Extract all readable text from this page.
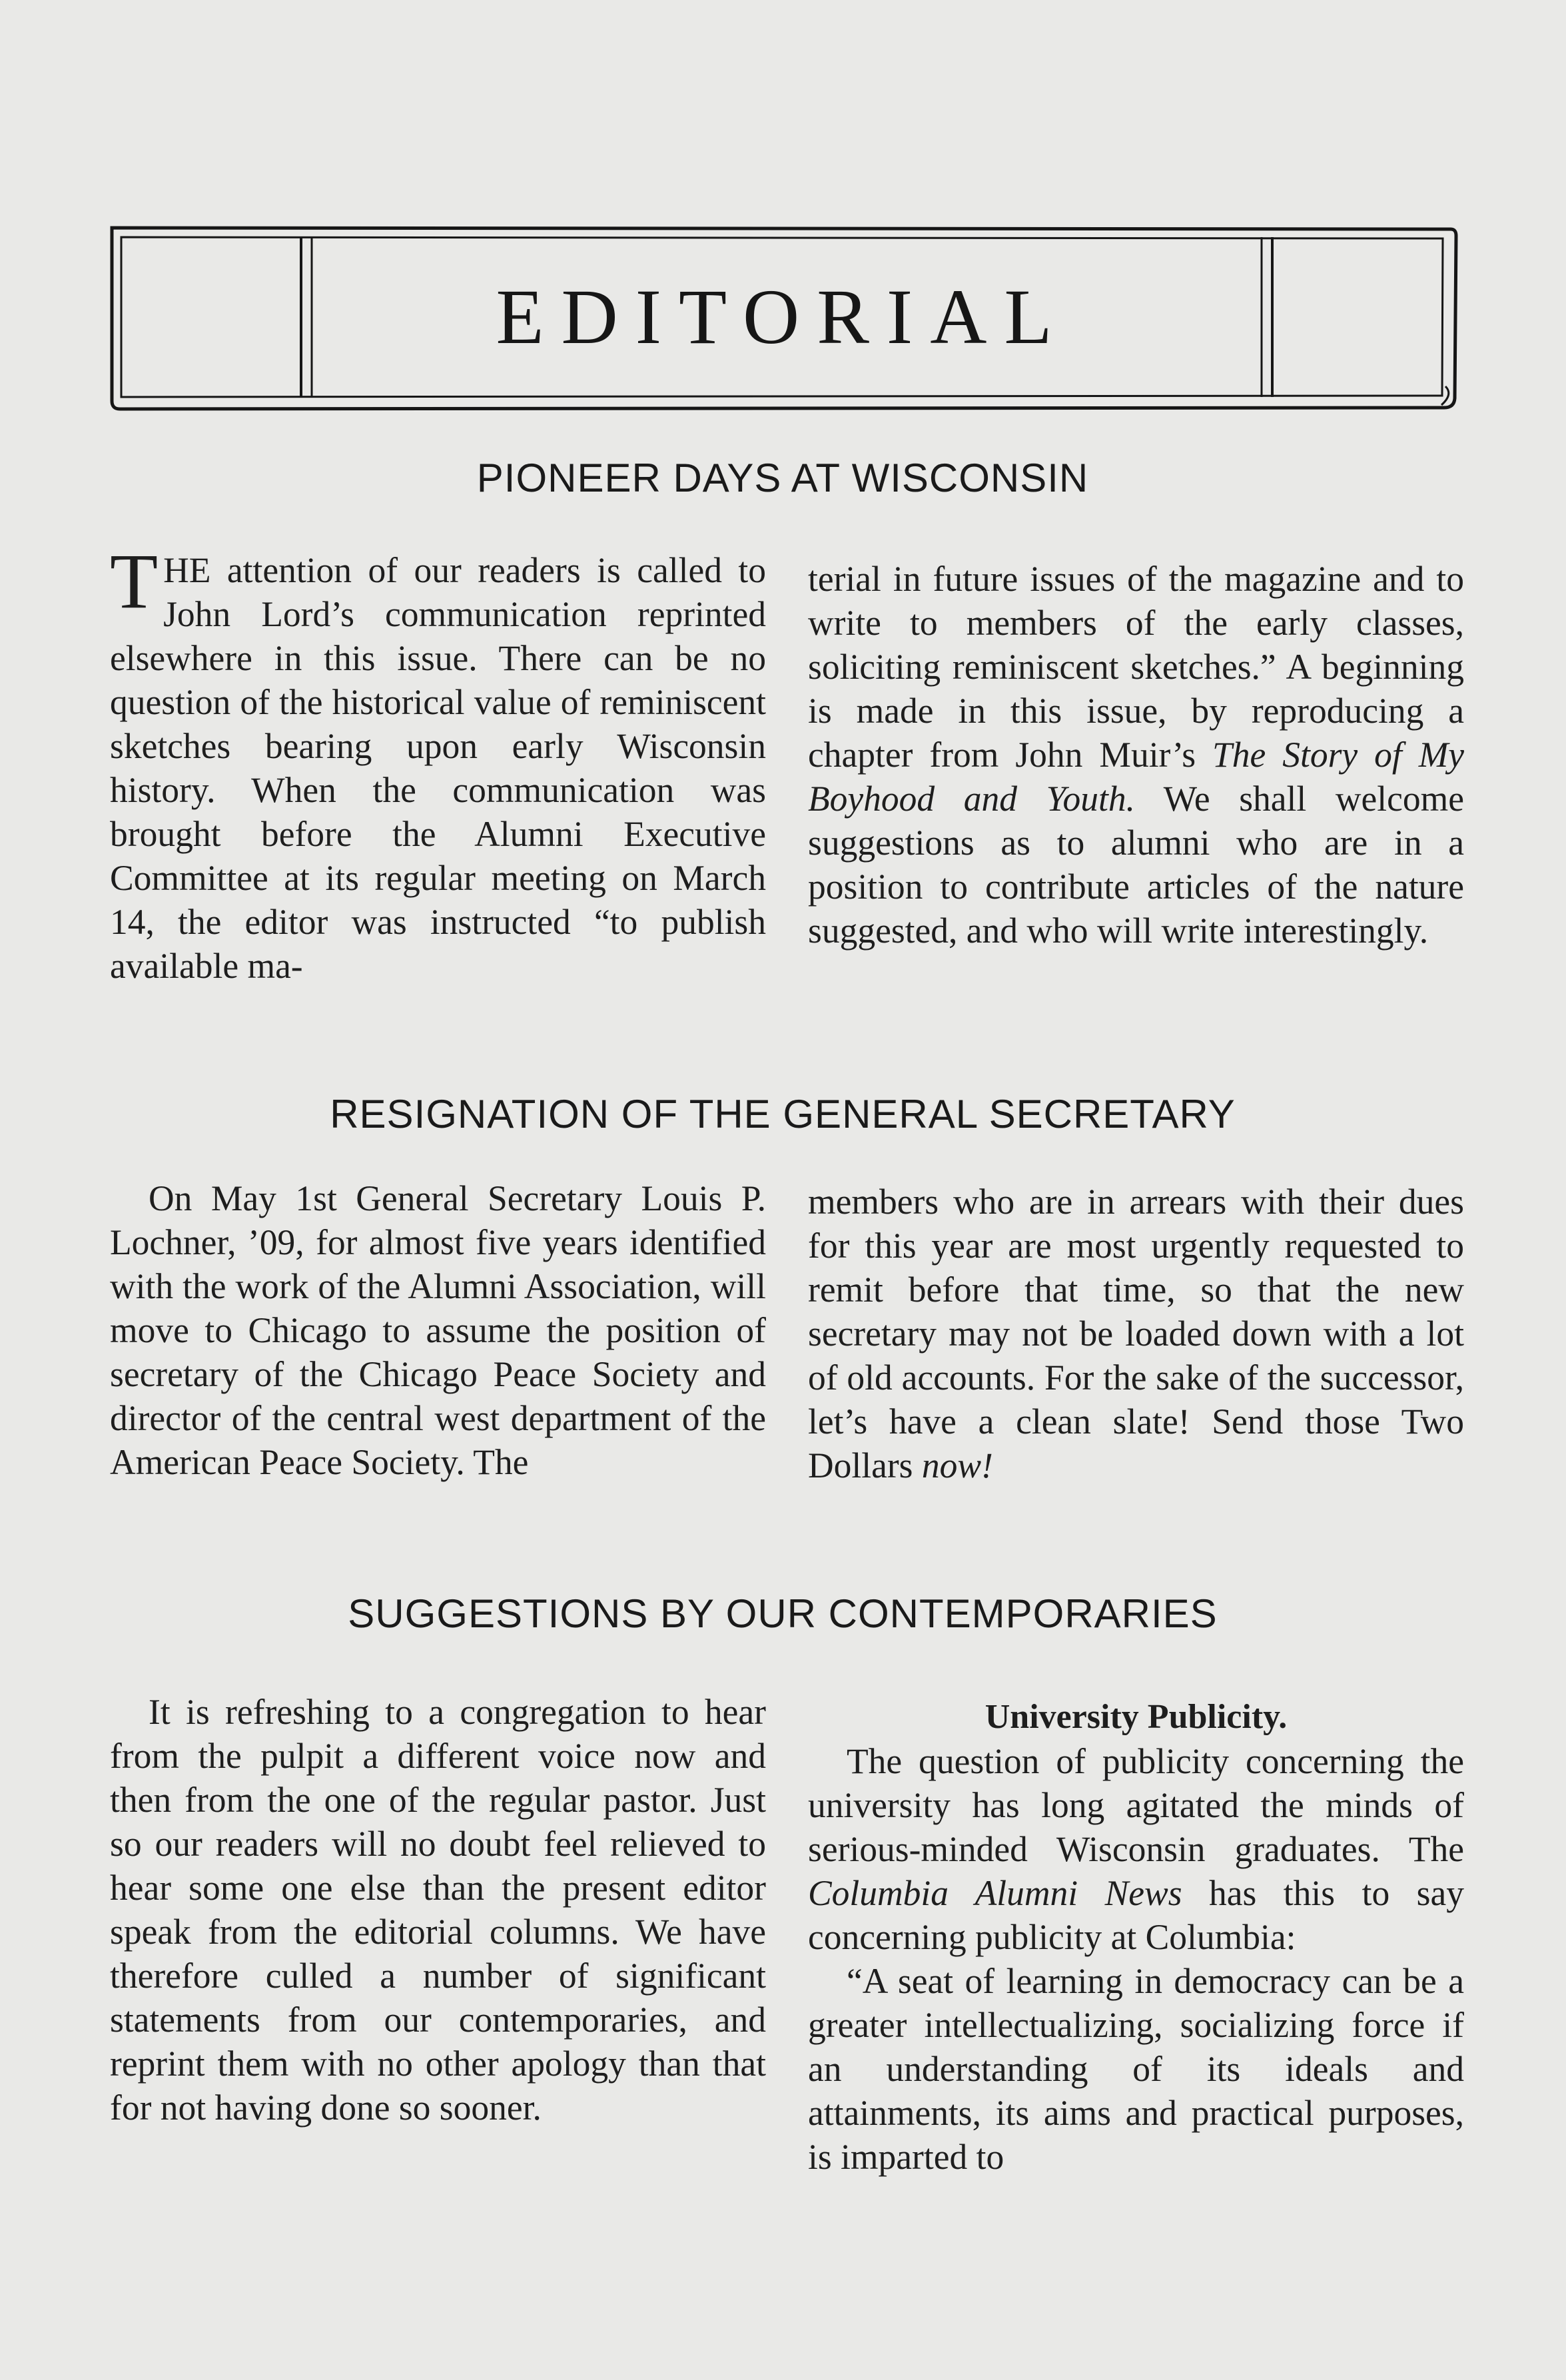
EDITORIAL
PIONEER DAYS AT WISCONSIN

THE attention of our readers is called to John Lord’s communication reprinted elsewhere in this issue. There can be no question of the historical value of reminiscent sketches bearing upon early Wisconsin history. When the communication was brought before the Alumni Executive Committee at its regular meeting on March 14, the editor was instructed “to publish available ma-

terial in future issues of the magazine and to write to members of the early classes, soliciting reminiscent sketches.” A beginning is made in this issue, by reproducing a chapter from John Muir’s The Story of My Boyhood and Youth. We shall welcome suggestions as to alumni who are in a position to contribute articles of the nature suggested, and who will write interestingly.

RESIGNATION OF THE GENERAL SECRETARY

On May 1st General Secretary Louis P. Lochner, ’09, for almost five years identified with the work of the Alumni Association, will move to Chicago to assume the position of secretary of the Chicago Peace Society and director of the central west department of the American Peace Society. The

members who are in arrears with their dues for this year are most urgently requested to remit before that time, so that the new secretary may not be loaded down with a lot of old accounts. For the sake of the successor, let’s have a clean slate! Send those Two Dollars now!

SUGGESTIONS BY OUR CONTEMPORARIES

It is refreshing to a congregation to hear from the pulpit a different voice now and then from the one of the regular pastor. Just so our readers will no doubt feel relieved to hear some one else than the present editor speak from the editorial columns. We have therefore culled a number of significant statements from our contemporaries, and reprint them with no other apology than that for not having done so sooner.

University Publicity.

The question of publicity concerning the university has long agitated the minds of serious-minded Wisconsin graduates. The Columbia Alumni News has this to say concerning publicity at Columbia:

“A seat of learning in democracy can be a greater intellectualizing, socializing force if an understanding of its ideals and attainments, its aims and practical purposes, is imparted to
